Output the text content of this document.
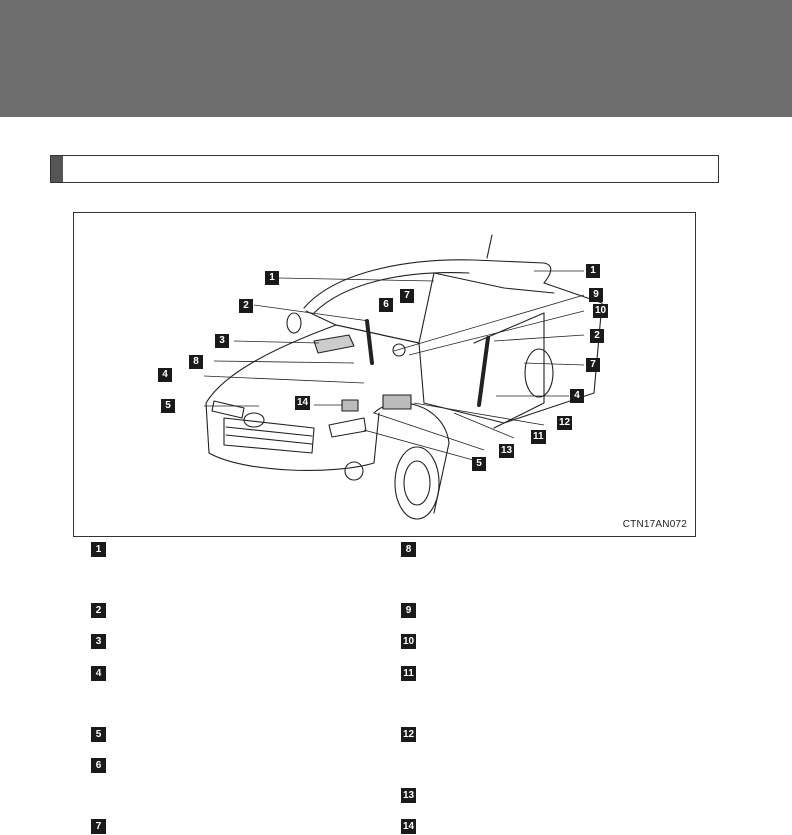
1
1
2
2
3
4
4
5
5
6
7
7
8
9
10
11
12
13
14
CTN17AN072
1
2
3
4
5
6
7
8
9
10
11
12
13
14
